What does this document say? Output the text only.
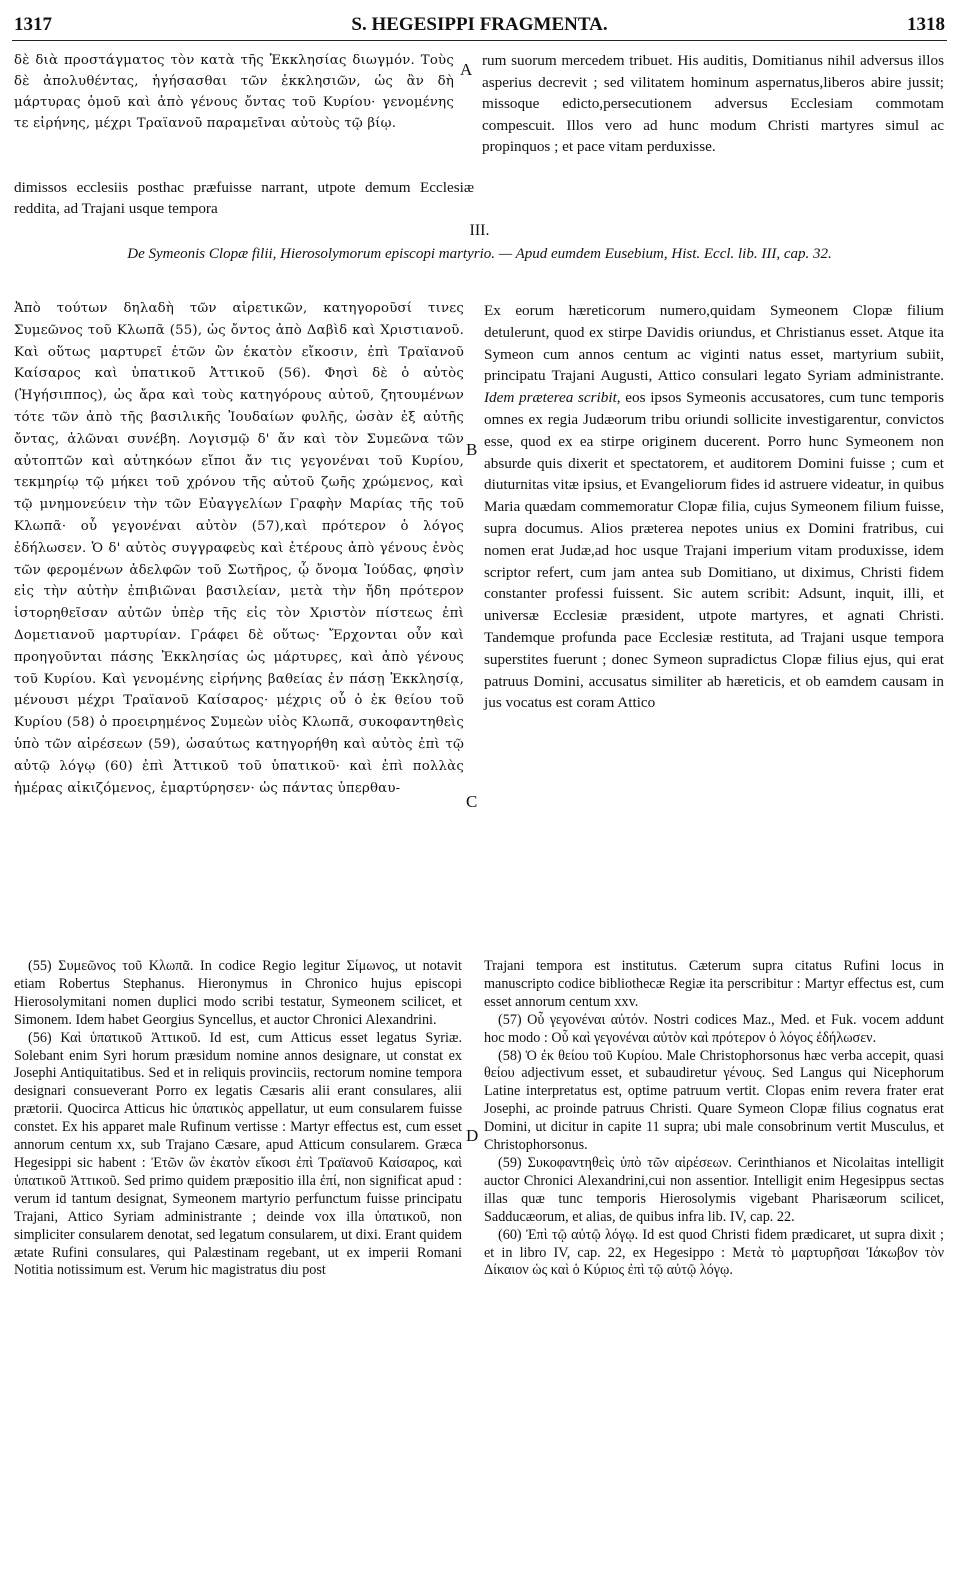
1317	S. HEGESIPPI FRAGMENTA.	1318
δὲ διὰ προστάγματος τὸν κατὰ τῆς Ἐκκλησίας διωγμόν. Τοὺς δὲ ἀπολυθέντας, ἡγήσασθαι τῶν ἐκκλησιῶν, ὡς ἂν δὴ μάρτυρας ὁμοῦ καὶ ἀπὸ γένους ὄντας τοῦ Κυρίου· γενομένης τε εἰρήνης, μέχρι Τραϊανοῦ παραμεῖναι αὐτοὺς τῷ βίῳ.
dimissos ecclesiis posthac præfuisse narrant, utpote demum Ecclesiæ reddita, ad Trajani usque tempora
rum suorum mercedem tribuet. His auditis, Domitianus nihil adversus illos asperius decrevit ; sed vilitatem hominum aspernatus,liberos abire jussit; missoque edicto,persecutionem adversus Ecclesiam commotam compescuit. Illos vero ad hunc modum Christi martyres simul ac propinquos ; et pace vitam perduxisse.
A
III.
De Symeonis Clopæ filii, Hierosolymorum episcopi martyrio. — Apud eumdem Eusebium, Hist. Eccl. lib. III, cap. 32.
Ἀπὸ τούτων δηλαδὴ τῶν αἱρετικῶν, κατηγοροῦσί τινες Συμεῶνος τοῦ Κλωπᾶ (55), ὡς ὄντος ἀπὸ Δαβὶδ καὶ Χριστιανοῦ. Καὶ οὕτως μαρτυρεῖ ἐτῶν ὢν ἑκατὸν εἴκοσιν, ἐπὶ Τραϊανοῦ Καίσαρος καὶ ὑπατικοῦ Ἀττικοῦ (56). Φησὶ δὲ ὁ αὐτὸς (Ἡγήσιππος), ὡς ἄρα καὶ τοὺς κατηγόρους αὐτοῦ, ζητουμένων τότε τῶν ἀπὸ τῆς βασιλικῆς Ἰουδαίων φυλῆς, ὡσὰν ἐξ αὐτῆς ὄντας, ἁλῶναι συνέβη. Λογισμῷ δ' ἄν καὶ τὸν Συμεῶνα τῶν αὐτοπτῶν καὶ αὐτηκόων εἴποι ἄν τις γεγονέναι τοῦ Κυρίου, τεκμηρίῳ τῷ μήκει τοῦ χρόνου τῆς αὐτοῦ ζωῆς χρώμενος, καὶ τῷ μνημονεύειν τὴν τῶν Εὐαγγελίων Γραφὴν Μαρίας τῆς τοῦ Κλωπᾶ· οὗ γεγονέναι αὐτὸν (57),καὶ πρότερον ὁ λόγος ἐδήλωσεν. Ὁ δ' αὐτὸς συγγραφεὺς καὶ ἑτέρους ἀπὸ γένους ἑνὸς τῶν φερομένων ἀδελφῶν τοῦ Σωτῆρος, ᾧ ὄνομα Ἰούδας, φησὶν εἰς τὴν αὐτὴν ἐπιβιῶναι βασιλείαν, μετὰ τὴν ἤδη πρότερον ἱστορηθεῖσαν αὐτῶν ὑπὲρ τῆς εἰς τὸν Χριστὸν πίστεως ἐπὶ Δομετιανοῦ μαρτυρίαν. Γράφει δὲ οὕτως· Ἔρχονται οὖν καὶ προηγοῦνται πάσης Ἐκκλησίας ὡς μάρτυρες, καὶ ἀπὸ γένους τοῦ Κυρίου. Καὶ γενομένης εἰρήνης βαθείας ἐν πάσῃ Ἐκκλησίᾳ, μένουσι μέχρι Τραϊανοῦ Καίσαρος· μέχρις οὗ ὁ ἐκ θείου τοῦ Κυρίου (58) ὁ προειρημένος Συμεὼν υἱὸς Κλωπᾶ, συκοφαντηθεὶς ὑπὸ τῶν αἱρέσεων (59), ὡσαύτως κατηγορήθη καὶ αὐτὸς ἐπὶ τῷ αὐτῷ λόγῳ (60) ἐπὶ Ἀττικοῦ τοῦ ὑπατικοῦ· καὶ ἐπὶ πολλὰς ἡμέρας αἰκιζόμενος, ἐμαρτύρησεν· ὡς πάντας ὑπερθαυ-
B
C

Ex eorum hæreticorum numero,quidam Symeonem Clopæ filium detulerunt, quod ex stirpe Davidis oriundus, et Christianus esset. Atque ita Symeon cum annos centum ac viginti natus esset, martyrium subiit, principatu Trajani Augusti, Attico consulari legato Syriam administrante. Idem præterea scribit, eos ipsos Symeonis accusatores, cum tunc temporis omnes ex regia Judæorum tribu oriundi sollicite investigarentur, convictos esse, quod ex ea stirpe originem ducerent. Porro hunc Symeonem non absurde quis dixerit et spectatorem, et auditorem Domini fuisse ; cum et diuturnitas vitæ ipsius, et Evangeliorum fides id astruere videatur, in quibus Maria quædam commemoratur Clopæ filia, cujus Symeonem filium fuisse, supra documus. Alios præterea nepotes unius ex Domini fratribus, cui nomen erat Judæ,ad hoc usque Trajani imperium vitam produxisse, idem scriptor refert, cum jam antea sub Domitiano, ut diximus, Christi fidem constanter professi fuissent. Sic autem scribit: Adsunt, inquit, illi, et universæ Ecclesiæ præsident, utpote martyres, et agnati Christi. Tandemque profunda pace Ecclesiæ restituta, ad Trajani usque tempora superstites fuerunt ; donec Symeon supradictus Clopæ filius ejus, qui erat patruus Domini, accusatus similiter ab hæreticis, et ob eamdem causam in jus vocatus est coram Attico

(55) Συμεῶνος τοῦ Κλωπᾶ. In codice Regio legitur Σίμωνος, ut notavit etiam Robertus Stephanus. Hieronymus in Chronico hujus episcopi Hierosolymitani nomen duplici modo scribi testatur, Symeonem scilicet, et Simonem. Idem habet Georgius Syncellus, et auctor Chronici Alexandrini.

(56) Καὶ ὑπατικοῦ Ἀττικοῦ. Id est, cum Atticus esset legatus Syriæ. Solebant enim Syri horum præsidum nomine annos designare, ut constat ex Josephi Antiquitatibus. Sed et in reliquis provinciis, rectorum nomine tempora designari consueverant Porro ex legatis Cæsaris alii erant consulares, alii prætorii. Quocirca Atticus hic ὑπατικὸς appellatur, ut eum consularem fuisse constet. Ex his apparet male Rufinum vertisse : Martyr effectus est, cum esset annorum centum xx, sub Trajano Cæsare, apud Atticum consularem. Græca Hegesippi sic habent : Ἐτῶν ὢν ἑκατὸν εἴκοσι ἐπὶ Τραϊανοῦ Καίσαρος, καὶ ὑπατικοῦ Ἀττικοῦ. Sed primo quidem præpositio illa ἐπί, non significat apud : verum id tantum designat, Symeonem martyrio perfunctum fuisse principatu Trajani, Attico Syriam administrante ; deinde vox illa ὑπατικοῦ, non simpliciter consularem denotat, sed legatum consularem, ut dixi. Erant quidem ætate Rufini consulares, qui Palæstinam regebant, ut ex imperii Romani Notitia notissimum est. Verum hic magistratus diu post

D

Trajani tempora est institutus. Cæterum supra citatus Rufini locus in manuscripto codice bibliothecæ Regiæ ita perscribitur : Martyr effectus est, cum esset annorum centum xxv.

(57) Οὗ γεγονέναι αὐτόν. Nostri codices Maz., Med. et Fuk. vocem addunt hoc modo : Οὗ καὶ γεγονέναι αὐτὸν καὶ πρότερον ὁ λόγος ἐδήλωσεν.

(58) Ὁ ἐκ θείου τοῦ Κυρίου. Male Christophorsonus hæc verba accepit, quasi θείου adjectivum esset, et subaudiretur γένους. Sed Langus qui Nicephorum Latine interpretatus est, optime patruum vertit. Clopas enim revera frater erat Josephi, ac proinde patruus Christi. Quare Symeon Clopæ filius cognatus erat Domini, ut dicitur in capite 11 supra; ubi male consobrinum vertit Musculus, et Christophorsonus.

(59) Συκοφαντηθεὶς ὑπὸ τῶν αἱρέσεων. Cerinthianos et Nicolaitas intelligit auctor Chronici Alexandrini,cui non assentior. Intelligit enim Hegesippus sectas illas quæ tunc temporis Hierosolymis vigebant Pharisæorum scilicet, Sadducæorum, et alias, de quibus infra lib. IV, cap. 22.

(60) Ἐπὶ τῷ αὐτῷ λόγῳ. Id est quod Christi fidem prædicaret, ut supra dixit ; et in libro IV, cap. 22, ex Hegesippo : Μετὰ τὸ μαρτυρῆσαι Ἰάκωβον τὸν Δίκαιον ὡς καὶ ὁ Κύριος ἐπὶ τῷ αὐτῷ λόγῳ.
